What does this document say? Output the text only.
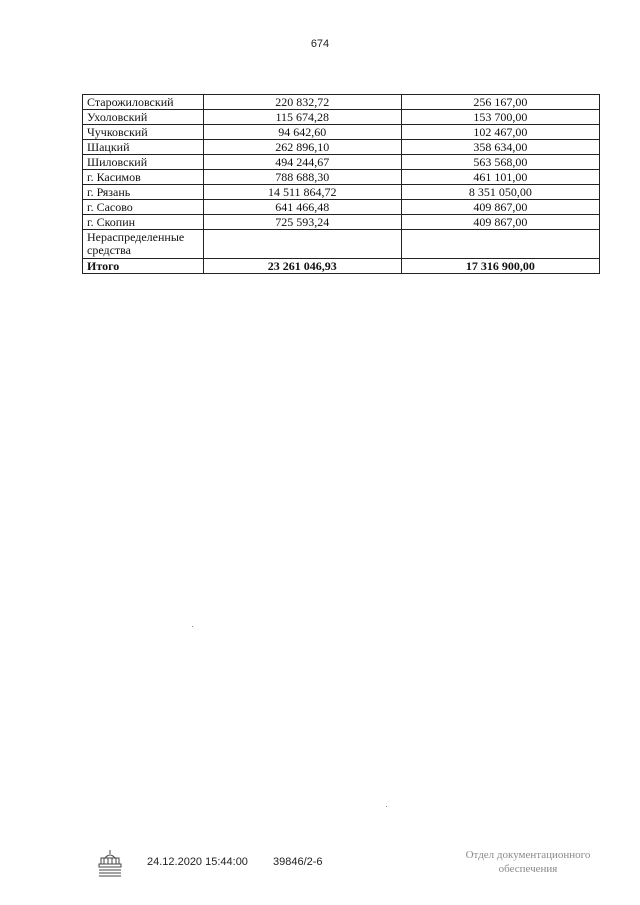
674
Старожиловский	220 832,72	256 167,00
Ухоловский	115 674,28	153 700,00
Чучковский	94 642,60	102 467,00
Шацкий	262 896,10	358 634,00
Шиловский	494 244,67	563 568,00
г. Касимов	788 688,30	461 101,00
г. Рязань	14 511 864,72	8 351 050,00
г. Сасово	641 466,48	409 867,00
г. Скопин	725 593,24	409 867,00
Нераспределенные средства		
Итого	23 261 046,93	17 316 900,00
24.12.2020 15:44:00 39846/2-6
Отдел документационного
обеспечения
